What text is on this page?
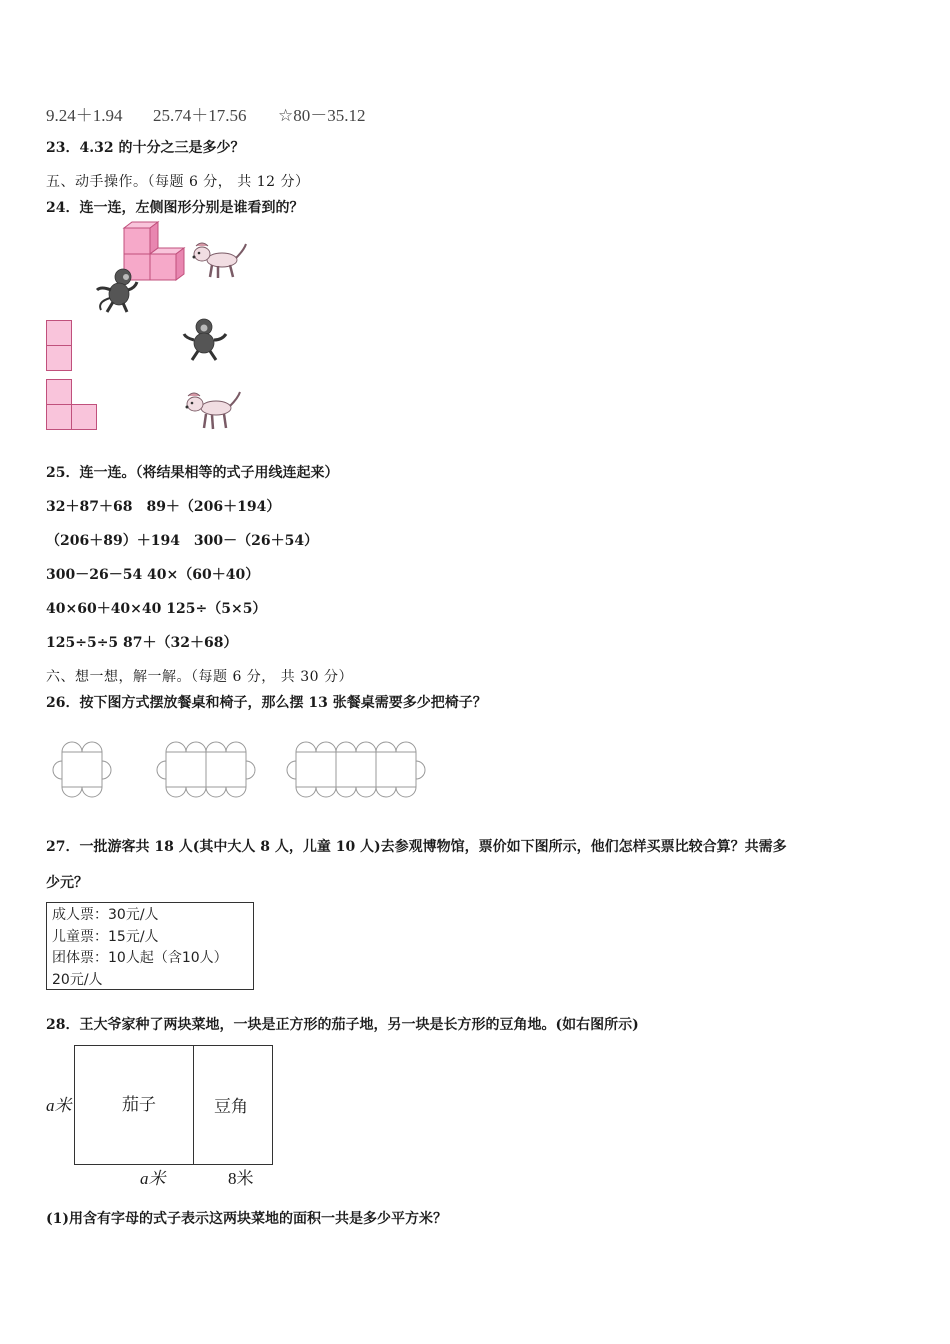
9.24＋1.94 25.74＋17.56 ☆80－35.12
23．4.32 的十分之三是多少？
五、动手操作。（每题 6 分， 共 12 分）
24．连一连，左侧图形分别是谁看到的？
25．连一连。（将结果相等的式子用线连起来）
32＋87＋68　89＋（206＋194）
（206＋89）＋194　300－（26＋54）
300－26－54 40×（60＋40）
40×60＋40×40 125÷（5×5）
125÷5÷5 87＋（32＋68）
六、想一想，解一解。（每题 6 分， 共 30 分）
26．按下图方式摆放餐桌和椅子，那么摆 13 张餐桌需要多少把椅子？
27．一批游客共 18 人(其中大人 8 人，儿童 10 人)去参观博物馆，票价如下图所示，他们怎样买票比较合算？共需多
少元？
成人票：30元/人
儿童票：15元/人
团体票：10人起（含10人）
20元/人
28．王大爷家种了两块菜地，一块是正方形的茄子地，另一块是长方形的豆角地。(如右图所示)
茄子	豆角
a米
a米	8米
(1)用含有字母的式子表示这两块菜地的面积一共是多少平方米？
